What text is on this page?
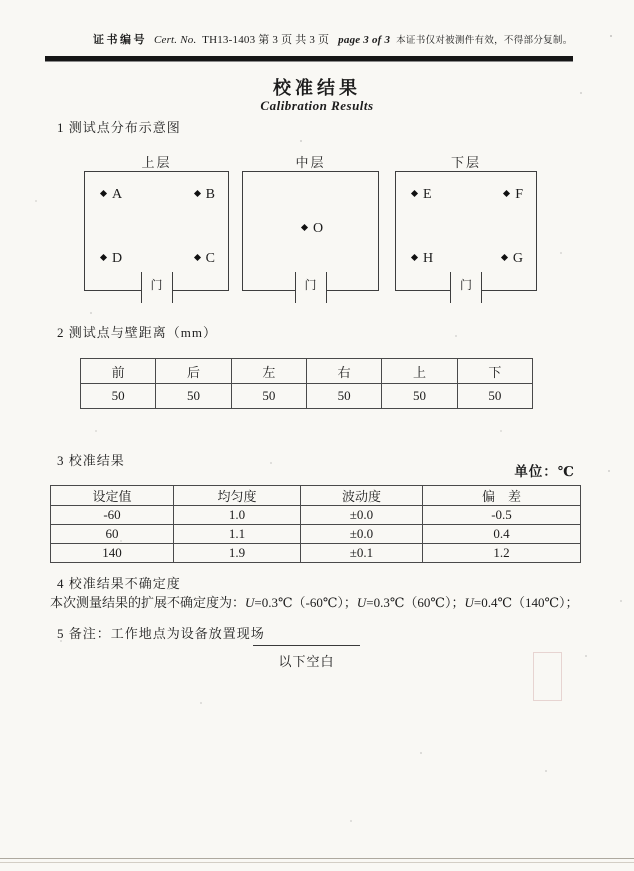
证书编号 Cert. No. TH13-1403 第 3 页 共 3 页 page 3 of 3 本证书仅对被测件有效，不得部分复制。
校准结果
Calibration Results
1 测试点分布示意图
上层
A	B
D	C
门
中层
O
门
下层
E	F
H	G
门
2 测试点与壁距离（mm）
前	后	左	右	上	下
50	50	50	50	50	50
3 校准结果
单位：℃
设定值	均匀度	波动度	偏　差
-60	1.0	±0.0	-0.5
60	1.1	±0.0	0.4
140	1.9	±0.1	1.2
4 校准结果不确定度
本次测量结果的扩展不确定度为：U=0.3℃（-60℃）；U=0.3℃（60℃）；U=0.4℃（140℃）；
5 备注：工作地点为设备放置现场
以下空白
